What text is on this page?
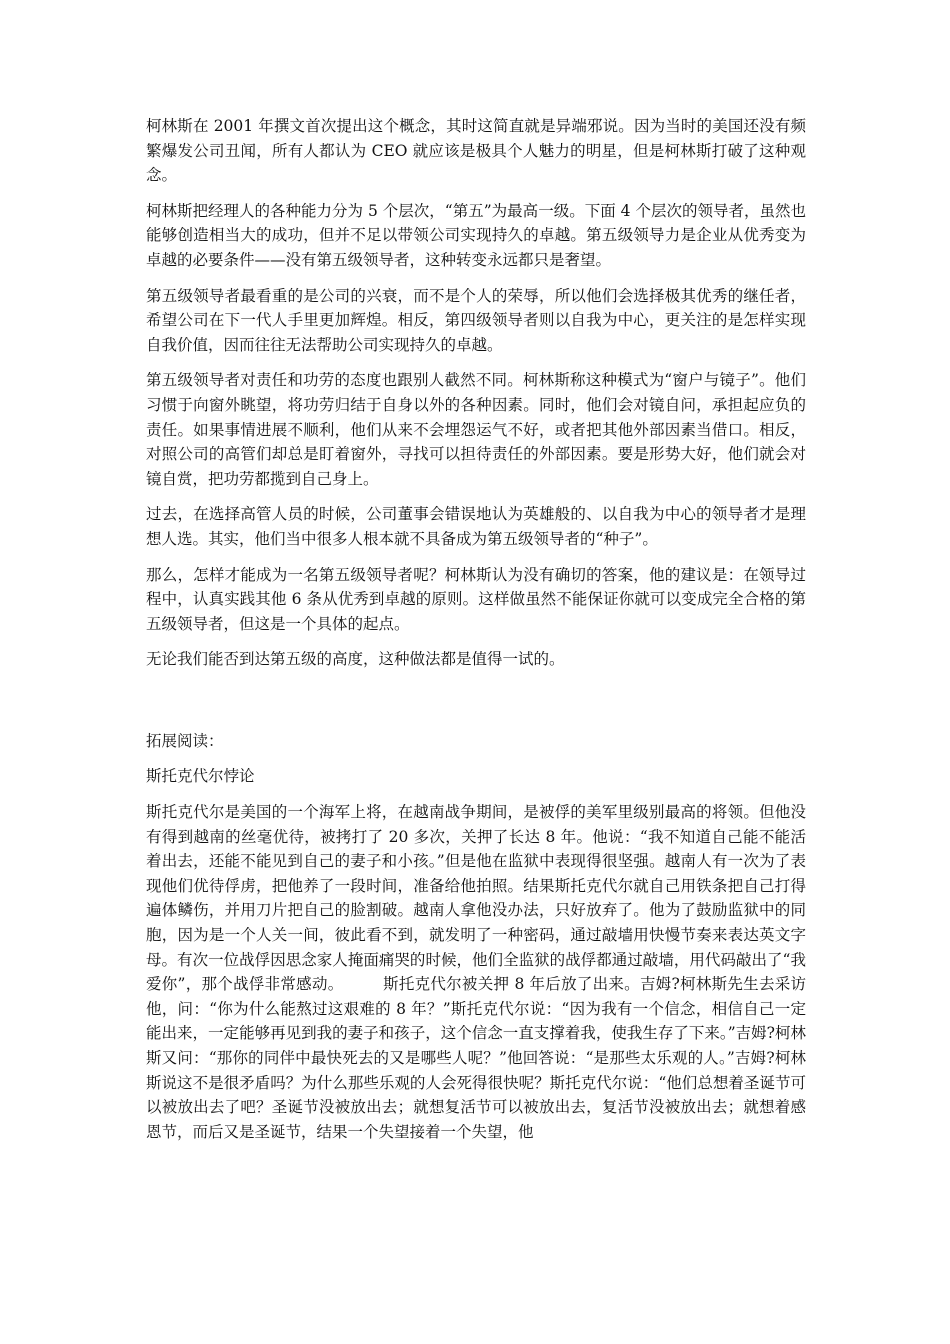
柯林斯在 2001 年撰文首次提出这个概念，其时这简直就是异端邪说。因为当时的美国还没有频繁爆发公司丑闻，所有人都认为 CEO 就应该是极具个人魅力的明星，但是柯林斯打破了这种观念。

柯林斯把经理人的各种能力分为 5 个层次，“第五”为最高一级。下面 4 个层次的领导者，虽然也能够创造相当大的成功，但并不足以带领公司实现持久的卓越。第五级领导力是企业从优秀变为卓越的必要条件——没有第五级领导者，这种转变永远都只是奢望。

第五级领导者最看重的是公司的兴衰，而不是个人的荣辱，所以他们会选择极其优秀的继任者，希望公司在下一代人手里更加辉煌。相反，第四级领导者则以自我为中心，更关注的是怎样实现自我价值，因而往往无法帮助公司实现持久的卓越。

第五级领导者对责任和功劳的态度也跟别人截然不同。柯林斯称这种模式为“窗户与镜子”。他们习惯于向窗外眺望，将功劳归结于自身以外的各种因素。同时，他们会对镜自问，承担起应负的责任。如果事情进展不顺利，他们从来不会埋怨运气不好，或者把其他外部因素当借口。相反，对照公司的高管们却总是盯着窗外，寻找可以担待责任的外部因素。要是形势大好，他们就会对镜自赏，把功劳都揽到自己身上。

过去，在选择高管人员的时候，公司董事会错误地认为英雄般的、以自我为中心的领导者才是理想人选。其实，他们当中很多人根本就不具备成为第五级领导者的“种子”。

那么，怎样才能成为一名第五级领导者呢？柯林斯认为没有确切的答案，他的建议是：在领导过程中，认真实践其他 6 条从优秀到卓越的原则。这样做虽然不能保证你就可以变成完全合格的第五级领导者，但这是一个具体的起点。

无论我们能否到达第五级的高度，这种做法都是值得一试的。

拓展阅读：

斯托克代尔悖论

斯托克代尔是美国的一个海军上将，在越南战争期间，是被俘的美军里级别最高的将领。但他没有得到越南的丝毫优待，被拷打了 20 多次，关押了长达 8 年。他说：“我不知道自己能不能活着出去，还能不能见到自己的妻子和小孩。”但是他在监狱中表现得很坚强。越南人有一次为了表现他们优待俘虏，把他养了一段时间，准备给他拍照。结果斯托克代尔就自己用铁条把自己打得遍体鳞伤，并用刀片把自己的脸割破。越南人拿他没办法，只好放弃了。他为了鼓励监狱中的同胞，因为是一个人关一间，彼此看不到，就发明了一种密码，通过敲墙用快慢节奏来表达英文字母。有次一位战俘因思念家人掩面痛哭的时候，他们全监狱的战俘都通过敲墙，用代码敲出了“我爱你”，那个战俘非常感动。　　　斯托克代尔被关押 8 年后放了出来。吉姆?柯林斯先生去采访他，问：“你为什么能熬过这艰难的 8 年？”斯托克代尔说：“因为我有一个信念，相信自己一定能出来，一定能够再见到我的妻子和孩子，这个信念一直支撑着我，使我生存了下来。”吉姆?柯林斯又问：“那你的同伴中最快死去的又是哪些人呢？”他回答说：“是那些太乐观的人。”吉姆?柯林斯说这不是很矛盾吗？为什么那些乐观的人会死得很快呢？斯托克代尔说：“他们总想着圣诞节可以被放出去了吧？圣诞节没被放出去；就想复活节可以被放出去，复活节没被放出去；就想着感恩节，而后又是圣诞节，结果一个失望接着一个失望，他
